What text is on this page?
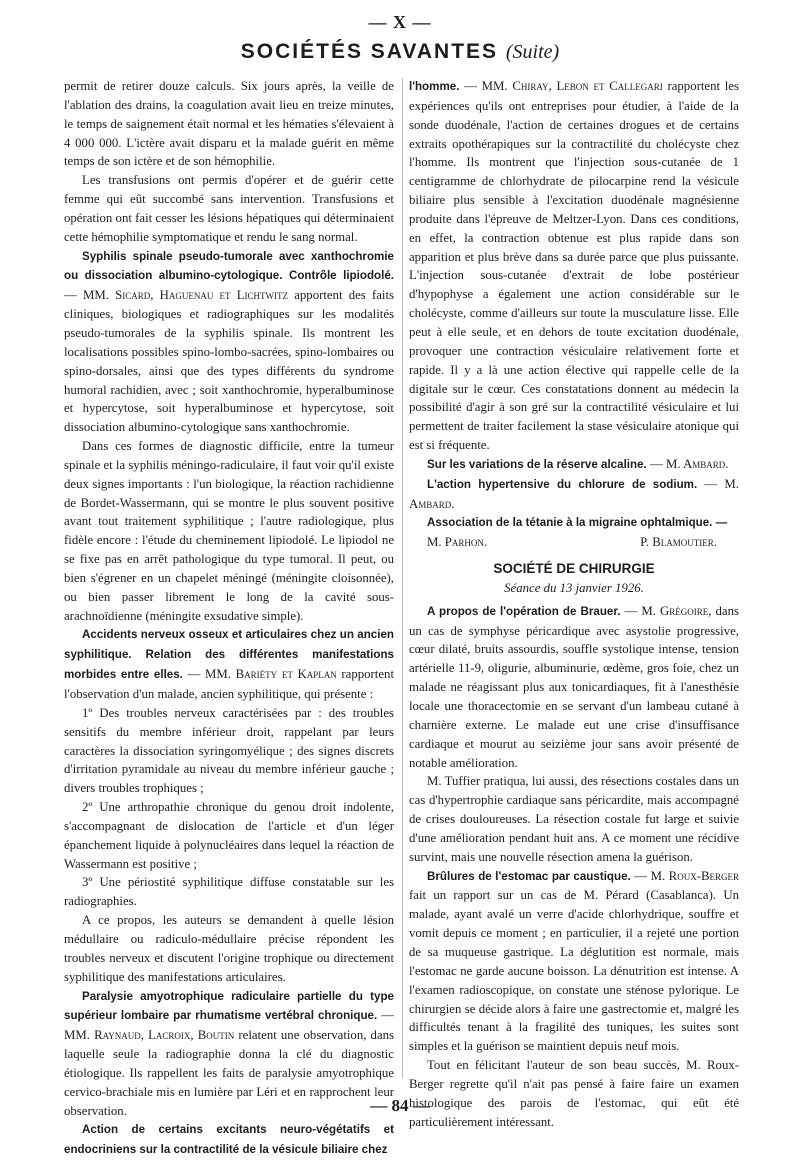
— X —
SOCIÉTÉS SAVANTES (Suite)
permit de retirer douze calculs. Six jours après, la veille de l'ablation des drains, la coagulation avait lieu en treize minutes, le temps de saignement était normal et les hématies s'élevaient à 4 000 000. L'ictère avait disparu et la malade guérit en même temps de son ictère et de son hémophilie.
Les transfusions ont permis d'opérer et de guérir cette femme qui eût succombé sans intervention. Transfusions et opération ont fait cesser les lésions hépatiques qui déterminaient cette hémophilie symptomatique et rendu le sang normal.
Syphilis spinale pseudo-tumorale avec xanthochromie ou dissociation albumino-cytologique. Contrôle lipiodolé. — MM. Sicard, Haguenau et Lichtwitz apportent des faits cliniques, biologiques et radiographiques sur les modalités pseudo-tumorales de la syphilis spinale. Ils montrent les localisations possibles spino-lombo-sacrées, spino-lombaires ou spino-dorsales, ainsi que des types différents du syndrome humoral rachidien, avec ; soit xanthochromie, hyperalbuminose et hypercytose, soit hyperalbuminose et hypercytose, soit dissociation albumino-cytologique sans xanthochromie.
Dans ces formes de diagnostic difficile, entre la tumeur spinale et la syphilis méningo-radiculaire, il faut voir qu'il existe deux signes importants : l'un biologique, la réaction rachidienne de Bordet-Wassermann, qui se montre le plus souvent positive avant tout traitement syphilitique ; l'autre radiologique, plus fidèle encore : l'étude du cheminement lipiodolé. Le lipiodol ne se fixe pas en arrêt pathologique du type tumoral. Il peut, ou bien s'égrener en un chapelet méningé (méningite cloisonnée), ou bien passer librement le long de la cavité sous-arachnoïdienne (méningite exsudative simple).
Accidents nerveux osseux et articulaires chez un ancien syphilitique. Relation des différentes manifestations morbides entre elles. — MM. Bariéty et Kaplan rapportent l'observation d'un malade, ancien syphilitique, qui présente :
1º Des troubles nerveux caractérisées par : des troubles sensitifs du membre inférieur droit, rappelant par leurs caractères la dissociation syringomyélique ; des signes discrets d'irritation pyramidale au niveau du membre inférieur gauche ; divers troubles trophiques ;
2º Une arthropathie chronique du genou droit indolente, s'accompagnant de dislocation de l'article et d'un léger épanchement liquide à polynucléaires dans lequel la réaction de Wassermann est positive ;
3º Une périostité syphilitique diffuse constatable sur les radiographies.
A ce propos, les auteurs se demandent à quelle lésion médullaire ou radiculo-médullaire précise répondent les troubles nerveux et discutent l'origine trophique ou directement syphilitique des manifestations articulaires.
Paralysie amyotrophique radiculaire partielle du type supérieur lombaire par rhumatisme vertébral chronique. — MM. Raynaud, Lacroix, Boutin relatent une observation, dans laquelle seule la radiographie donna la clé du diagnostic étiologique. Ils rappellent les faits de paralysie amyotrophique cervico-brachiale mis en lumière par Léri et en rapprochent leur observation.
Action de certains excitants neuro-végétatifs et endocriniens sur la contractilité de la vésicule biliaire chez
l'homme. — MM. Chiray, Lebon et Callegari rapportent les expériences qu'ils ont entreprises pour étudier, à l'aide de la sonde duodénale, l'action de certaines drogues et de certains extraits opothérapiques sur la contractilité du cholécyste chez l'homme. Ils montrent que l'injection sous-cutanée de 1 centigramme de chlorhydrate de pilocarpine rend la vésicule biliaire plus sensible à l'excitation duodénale magnésienne produite dans l'épreuve de Meltzer-Lyon. Dans ces conditions, en effet, la contraction obtenue est plus rapide dans son apparition et plus brève dans sa durée parce que plus puissante. L'injection sous-cutanée d'extrait de lobe postérieur d'hypophyse a également une action considérable sur le cholécyste, comme d'ailleurs sur toute la musculature lisse. Elle peut à elle seule, et en dehors de toute excitation duodénale, provoquer une contraction vésiculaire relativement forte et rapide. Il y a là une action élective qui rappelle celle de la digitale sur le cœur. Ces constatations donnent au médecin la possibilité d'agir à son gré sur la contractilité vésiculaire et lui permettent de traiter facilement la stase vésiculaire atonique qui est si fréquente.
Sur les variations de la réserve alcaline. — M. Ambard.
L'action hypertensive du chlorure de sodium. — M. Ambard.
Association de la tétanie à la migraine ophtalmique. —
M. Parhon.	P. Blamoutier.
SOCIÉTÉ DE CHIRURGIE
Séance du 13 janvier 1926.
A propos de l'opération de Brauer. — M. Grégoire, dans un cas de symphyse péricardique avec asystolie progressive, cœur dilaté, bruits assourdis, souffle systolique intense, tension artérielle 11-9, oligurie, albuminurie, œdème, gros foie, chez un malade ne réagissant plus aux tonicardiaques, fit à l'anesthésie locale une thoracectomie en se servant d'un lambeau cutané à charnière externe. Le malade eut une crise d'insuffisance cardiaque et mourut au seizième jour sans avoir présenté de notable amélioration.
M. Tuffier pratiqua, lui aussi, des résections costales dans un cas d'hypertrophie cardiaque sans péricardite, mais accompagné de crises douloureuses. La résection costale fut large et suivie d'une amélioration pendant huit ans. A ce moment une récidive survint, mais une nouvelle résection amena la guérison.
Brûlures de l'estomac par caustique. — M. Roux-Berger fait un rapport sur un cas de M. Pérard (Casablanca). Un malade, ayant avalé un verre d'acide chlorhydrique, souffre et vomit depuis ce moment ; en particulier, il a rejeté une portion de sa muqueuse gastrique. La déglutition est normale, mais l'estomac ne garde aucune boisson. La dénutrition est intense. A l'examen radioscopique, on constate une sténose pylorique. Le chirurgien se décide alors à faire une gastrectomie et, malgré les difficultés tenant à la fragilité des tuniques, les suites sont simples et la guérison se maintient depuis neuf mois.
Tout en félicitant l'auteur de son beau succès, M. Roux-Berger regrette qu'il n'ait pas pensé à faire faire un examen histologique des parois de l'estomac, qui eût été particulièrement intéressant.
— 84 —
